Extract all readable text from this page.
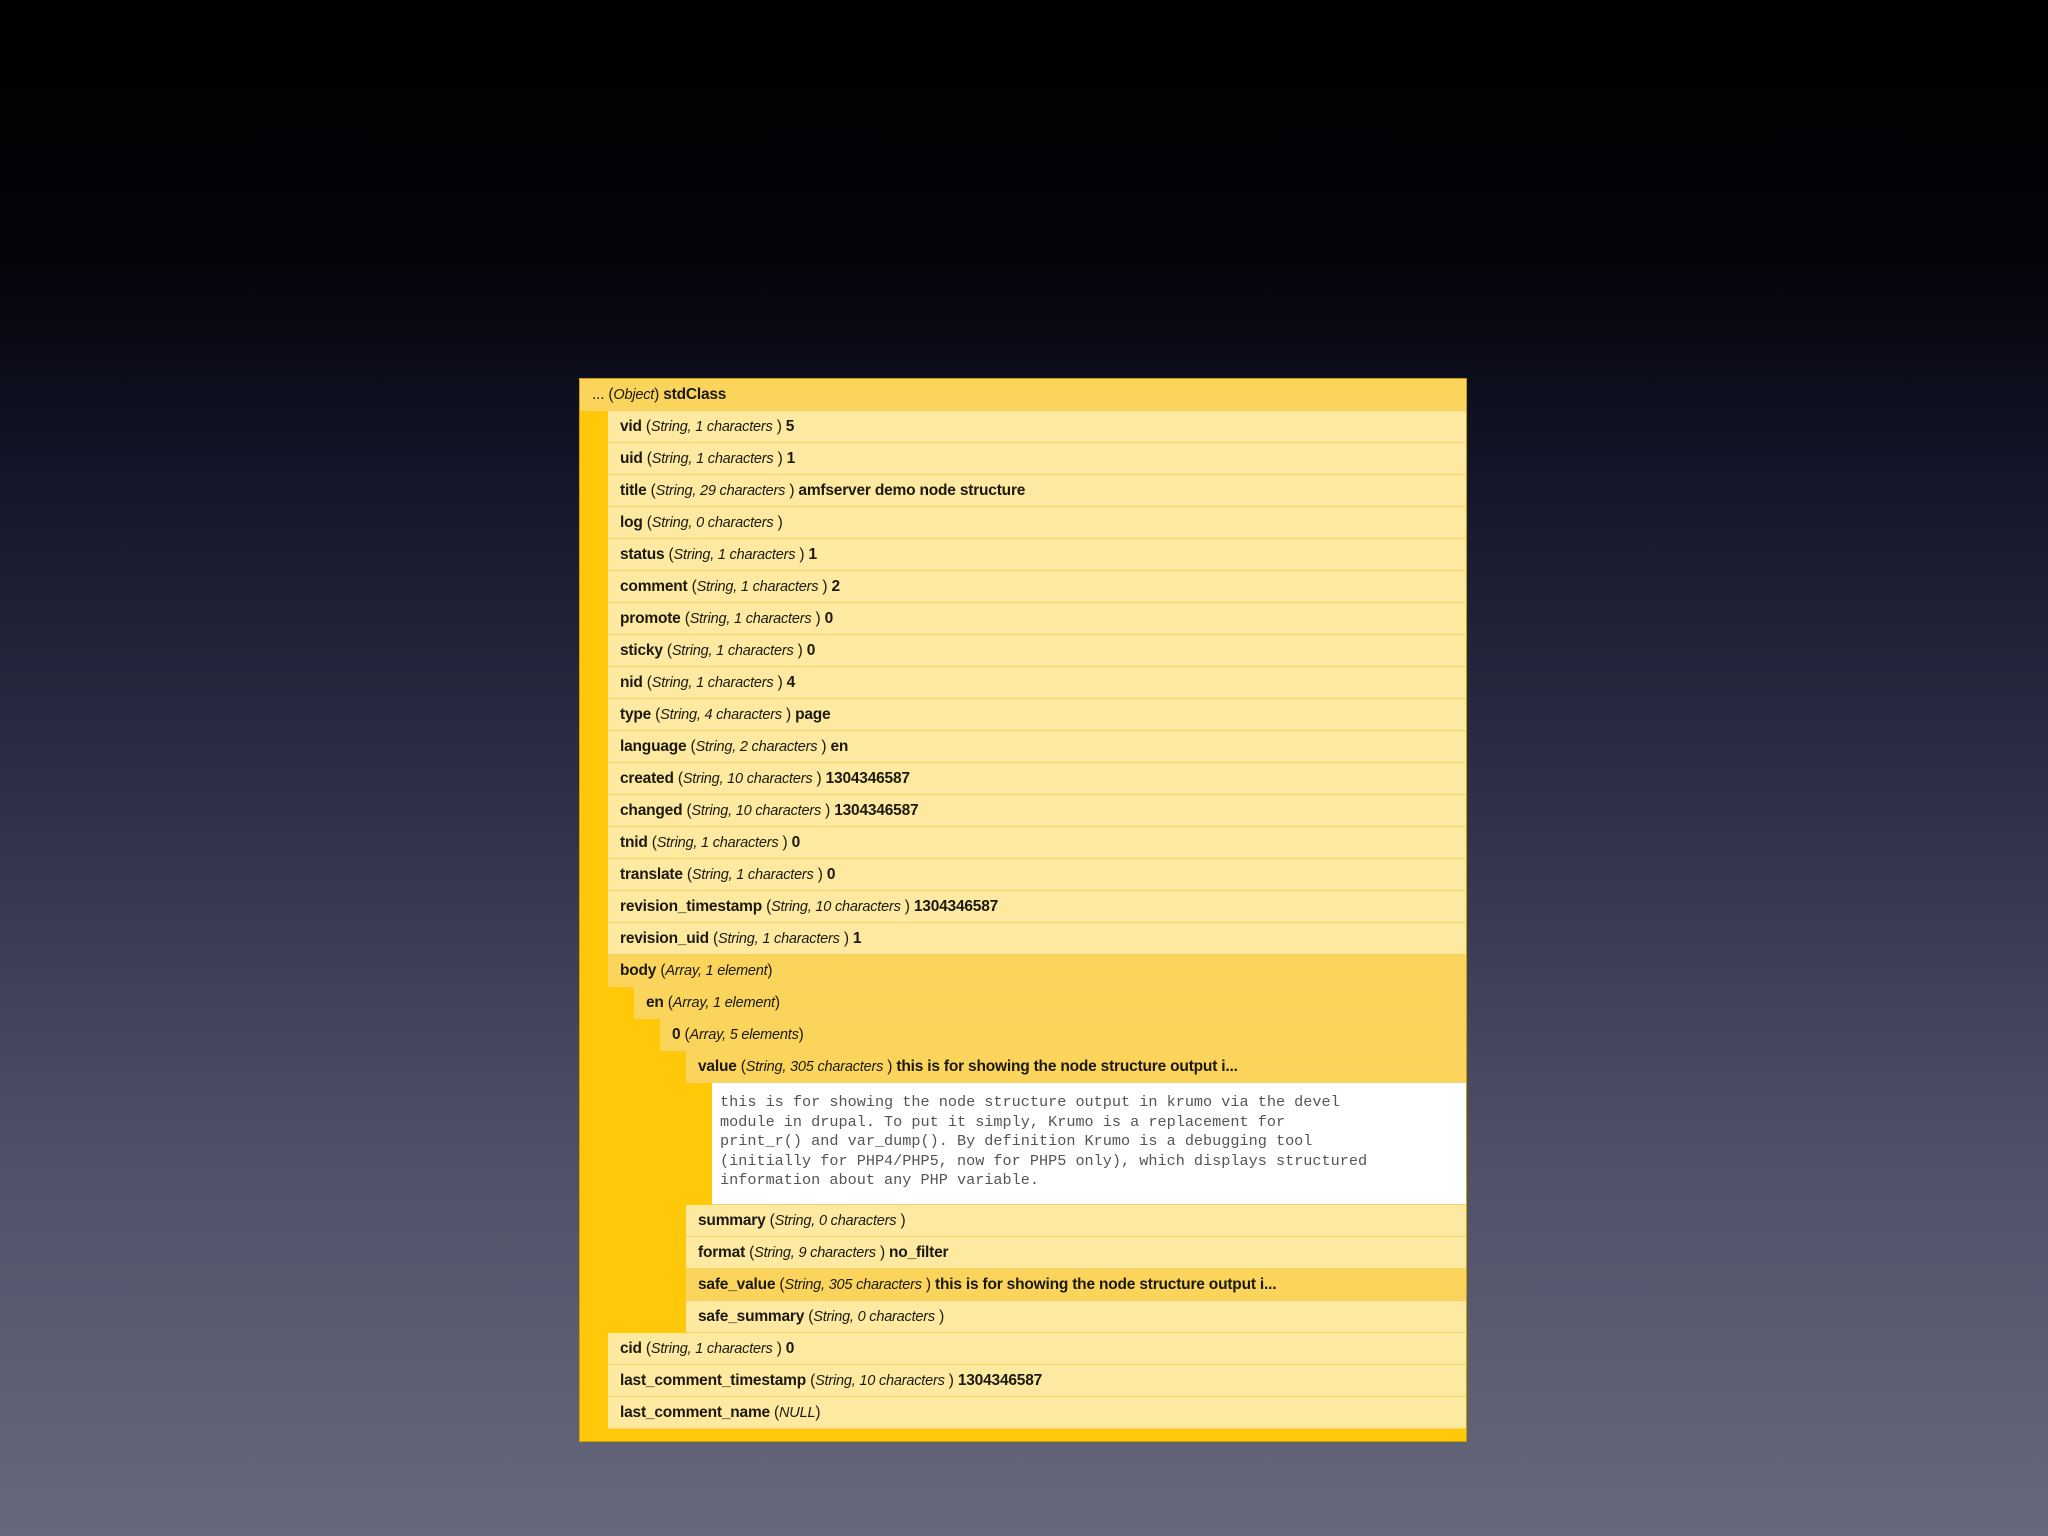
... (Object) stdClass
vid (String, 1 characters ) 5
uid (String, 1 characters ) 1
title (String, 29 characters ) amfserver demo node structure
log (String, 0 characters )
status (String, 1 characters ) 1
comment (String, 1 characters ) 2
promote (String, 1 characters ) 0
sticky (String, 1 characters ) 0
nid (String, 1 characters ) 4
type (String, 4 characters ) page
language (String, 2 characters ) en
created (String, 10 characters ) 1304346587
changed (String, 10 characters ) 1304346587
tnid (String, 1 characters ) 0
translate (String, 1 characters ) 0
revision_timestamp (String, 10 characters ) 1304346587
revision_uid (String, 1 characters ) 1
body (Array, 1 element)
en (Array, 1 element)
0 (Array, 5 elements)
value (String, 305 characters ) this is for showing the node structure output i...
this is for showing the node structure output in krumo via the devel
module in drupal. To put it simply, Krumo is a replacement for
print_r() and var_dump(). By definition Krumo is a debugging tool
(initially for PHP4/PHP5, now for PHP5 only), which displays structured
information about any PHP variable.
summary (String, 0 characters )
format (String, 9 characters ) no_filter
safe_value (String, 305 characters ) this is for showing the node structure output i...
safe_summary (String, 0 characters )
cid (String, 1 characters ) 0
last_comment_timestamp (String, 10 characters ) 1304346587
last_comment_name (NULL)
